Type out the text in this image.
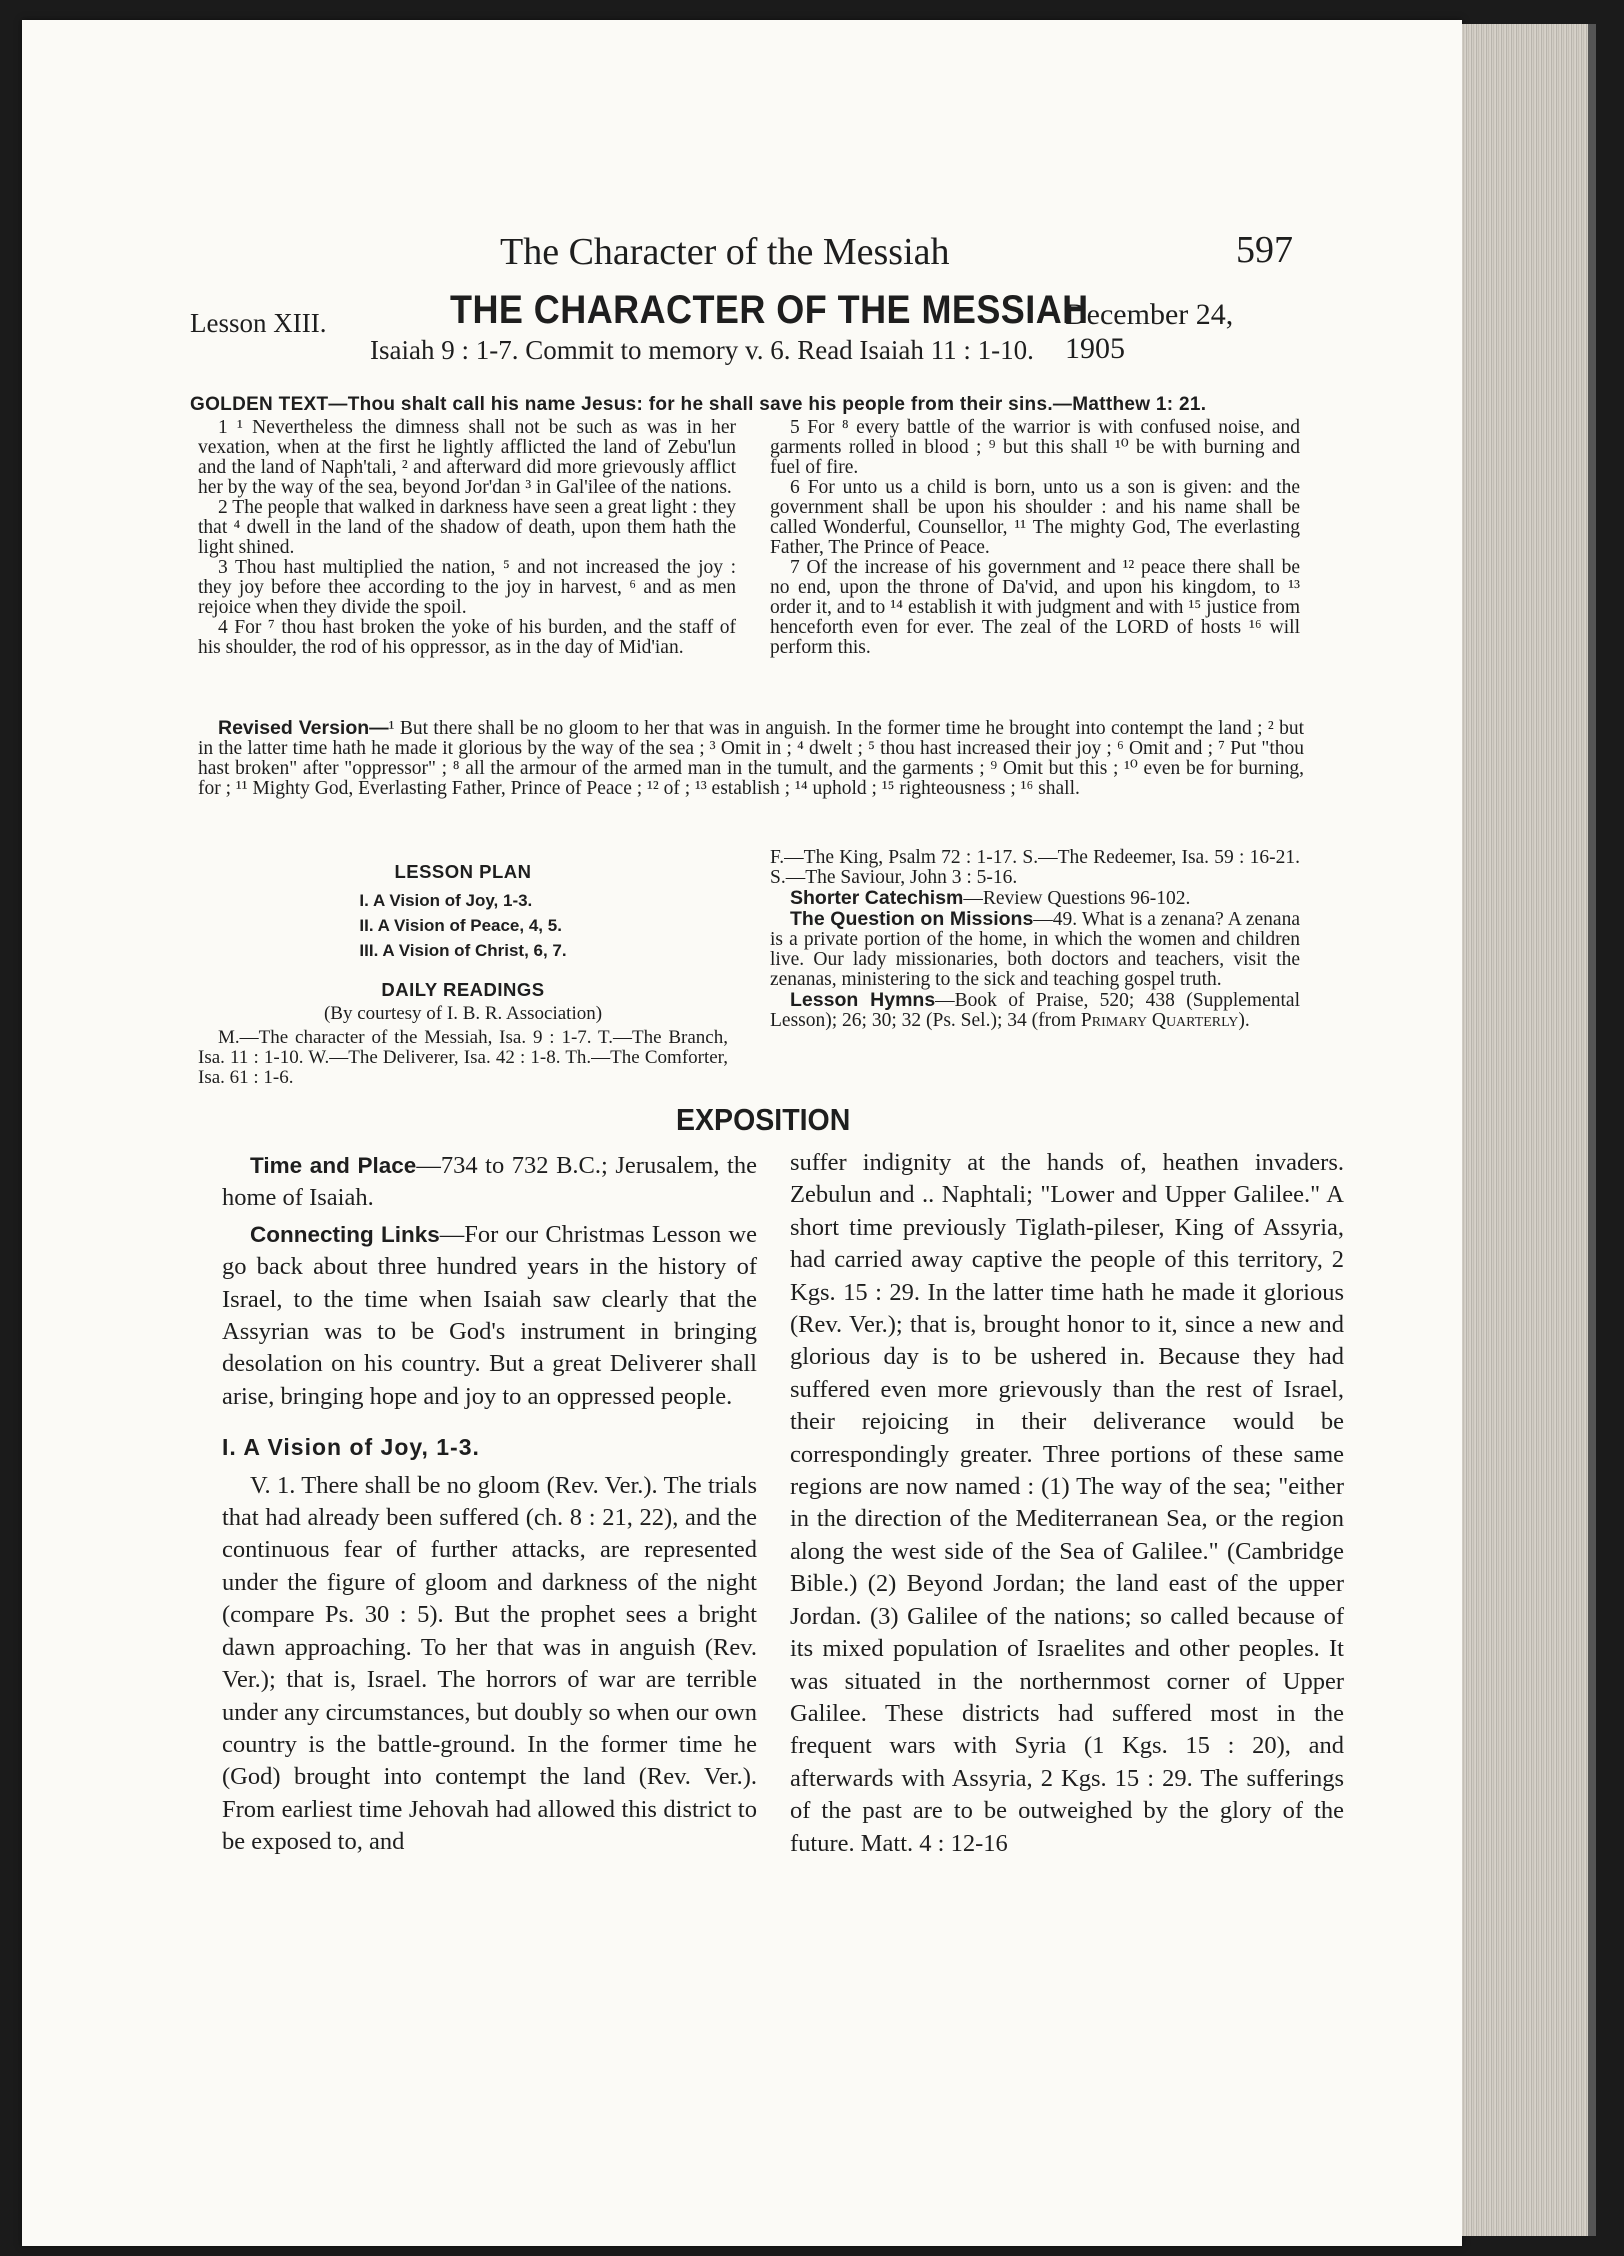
The Character of the Messiah	597
Lesson XIII.	THE CHARACTER OF THE MESSIAH
December 24, 1905
Isaiah 9 : 1-7. Commit to memory v. 6. Read Isaiah 11 : 1-10.
GOLDEN TEXT—Thou shalt call his name Jesus: for he shall save his people from their sins.—Matthew 1: 21.

1 ¹ Nevertheless the dimness shall not be such as was in her vexation, when at the first he lightly afflicted the land of Zebu'lun and the land of Naph'tali, ² and afterward did more grievously afflict her by the way of the sea, beyond Jor'dan ³ in Gal'ilee of the nations.

2 The people that walked in darkness have seen a great light : they that ⁴ dwell in the land of the shadow of death, upon them hath the light shined.

3 Thou hast multiplied the nation, ⁵ and not increased the joy : they joy before thee according to the joy in harvest, ⁶ and as men rejoice when they divide the spoil.

4 For ⁷ thou hast broken the yoke of his burden, and the staff of his shoulder, the rod of his oppressor, as in the day of Mid'ian.

5 For ⁸ every battle of the warrior is with confused noise, and garments rolled in blood ; ⁹ but this shall ¹⁰ be with burning and fuel of fire.

6 For unto us a child is born, unto us a son is given: and the government shall be upon his shoulder : and his name shall be called Wonderful, Counsellor, ¹¹ The mighty God, The everlasting Father, The Prince of Peace.

7 Of the increase of his government and ¹² peace there shall be no end, upon the throne of Da'vid, and upon his kingdom, to ¹³ order it, and to ¹⁴ establish it with judgment and with ¹⁵ justice from henceforth even for ever. The zeal of the LORD of hosts ¹⁶ will perform this.

Revised Version—¹ But there shall be no gloom to her that was in anguish. In the former time he brought into contempt the land ; ² but in the latter time hath he made it glorious by the way of the sea ; ³ Omit in ; ⁴ dwelt ; ⁵ thou hast increased their joy ; ⁶ Omit and ; ⁷ Put "thou hast broken" after "oppressor" ; ⁸ all the armour of the armed man in the tumult, and the garments ; ⁹ Omit but this ; ¹⁰ even be for burning, for ; ¹¹ Mighty God, Everlasting Father, Prince of Peace ; ¹² of ; ¹³ establish ; ¹⁴ uphold ; ¹⁵ righteousness ; ¹⁶ shall.
LESSON PLAN
I. A Vision of Joy, 1-3.
II. A Vision of Peace, 4, 5.
III. A Vision of Christ, 6, 7.
DAILY READINGS
(By courtesy of I. B. R. Association)

M.—The character of the Messiah, Isa. 9 : 1-7. T.—The Branch, Isa. 11 : 1-10. W.—The Deliverer, Isa. 42 : 1-8. Th.—The Comforter, Isa. 61 : 1-6.

F.—The King, Psalm 72 : 1-17. S.—The Redeemer, Isa. 59 : 16-21. S.—The Saviour, John 3 : 5-16.

Shorter Catechism—Review Questions 96-102.

The Question on Missions—49. What is a zenana? A zenana is a private portion of the home, in which the women and children live. Our lady missionaries, both doctors and teachers, visit the zenanas, ministering to the sick and teaching gospel truth.

Lesson Hymns—Book of Praise, 520; 438 (Supplemental Lesson); 26; 30; 32 (Ps. Sel.); 34 (from Primary Quarterly).

EXPOSITION

Time and Place—734 to 732 B.C.; Jerusalem, the home of Isaiah.

Connecting Links—For our Christmas Lesson we go back about three hundred years in the history of Israel, to the time when Isaiah saw clearly that the Assyrian was to be God's instrument in bringing desolation on his country. But a great Deliverer shall arise, bringing hope and joy to an oppressed people.

I. A Vision of Joy, 1-3.

V. 1. There shall be no gloom (Rev. Ver.). The trials that had already been suffered (ch. 8 : 21, 22), and the continuous fear of further attacks, are represented under the figure of gloom and darkness of the night (compare Ps. 30 : 5). But the prophet sees a bright dawn approaching. To her that was in anguish (Rev. Ver.); that is, Israel. The horrors of war are terrible under any circumstances, but doubly so when our own country is the battle-ground. In the former time he (God) brought into contempt the land (Rev. Ver.). From earliest time Jehovah had allowed this district to be exposed to, and

suffer indignity at the hands of, heathen invaders. Zebulun and .. Naphtali; "Lower and Upper Galilee." A short time previously Tiglath-pileser, King of Assyria, had carried away captive the people of this territory, 2 Kgs. 15 : 29. In the latter time hath he made it glorious (Rev. Ver.); that is, brought honor to it, since a new and glorious day is to be ushered in. Because they had suffered even more grievously than the rest of Israel, their rejoicing in their deliverance would be correspondingly greater. Three portions of these same regions are now named : (1) The way of the sea; "either in the direction of the Mediterranean Sea, or the region along the west side of the Sea of Galilee." (Cambridge Bible.) (2) Beyond Jordan; the land east of the upper Jordan. (3) Galilee of the nations; so called because of its mixed population of Israelites and other peoples. It was situated in the northernmost corner of Upper Galilee. These districts had suffered most in the frequent wars with Syria (1 Kgs. 15 : 20), and afterwards with Assyria, 2 Kgs. 15 : 29. The sufferings of the past are to be outweighed by the glory of the future. Matt. 4 : 12-16
